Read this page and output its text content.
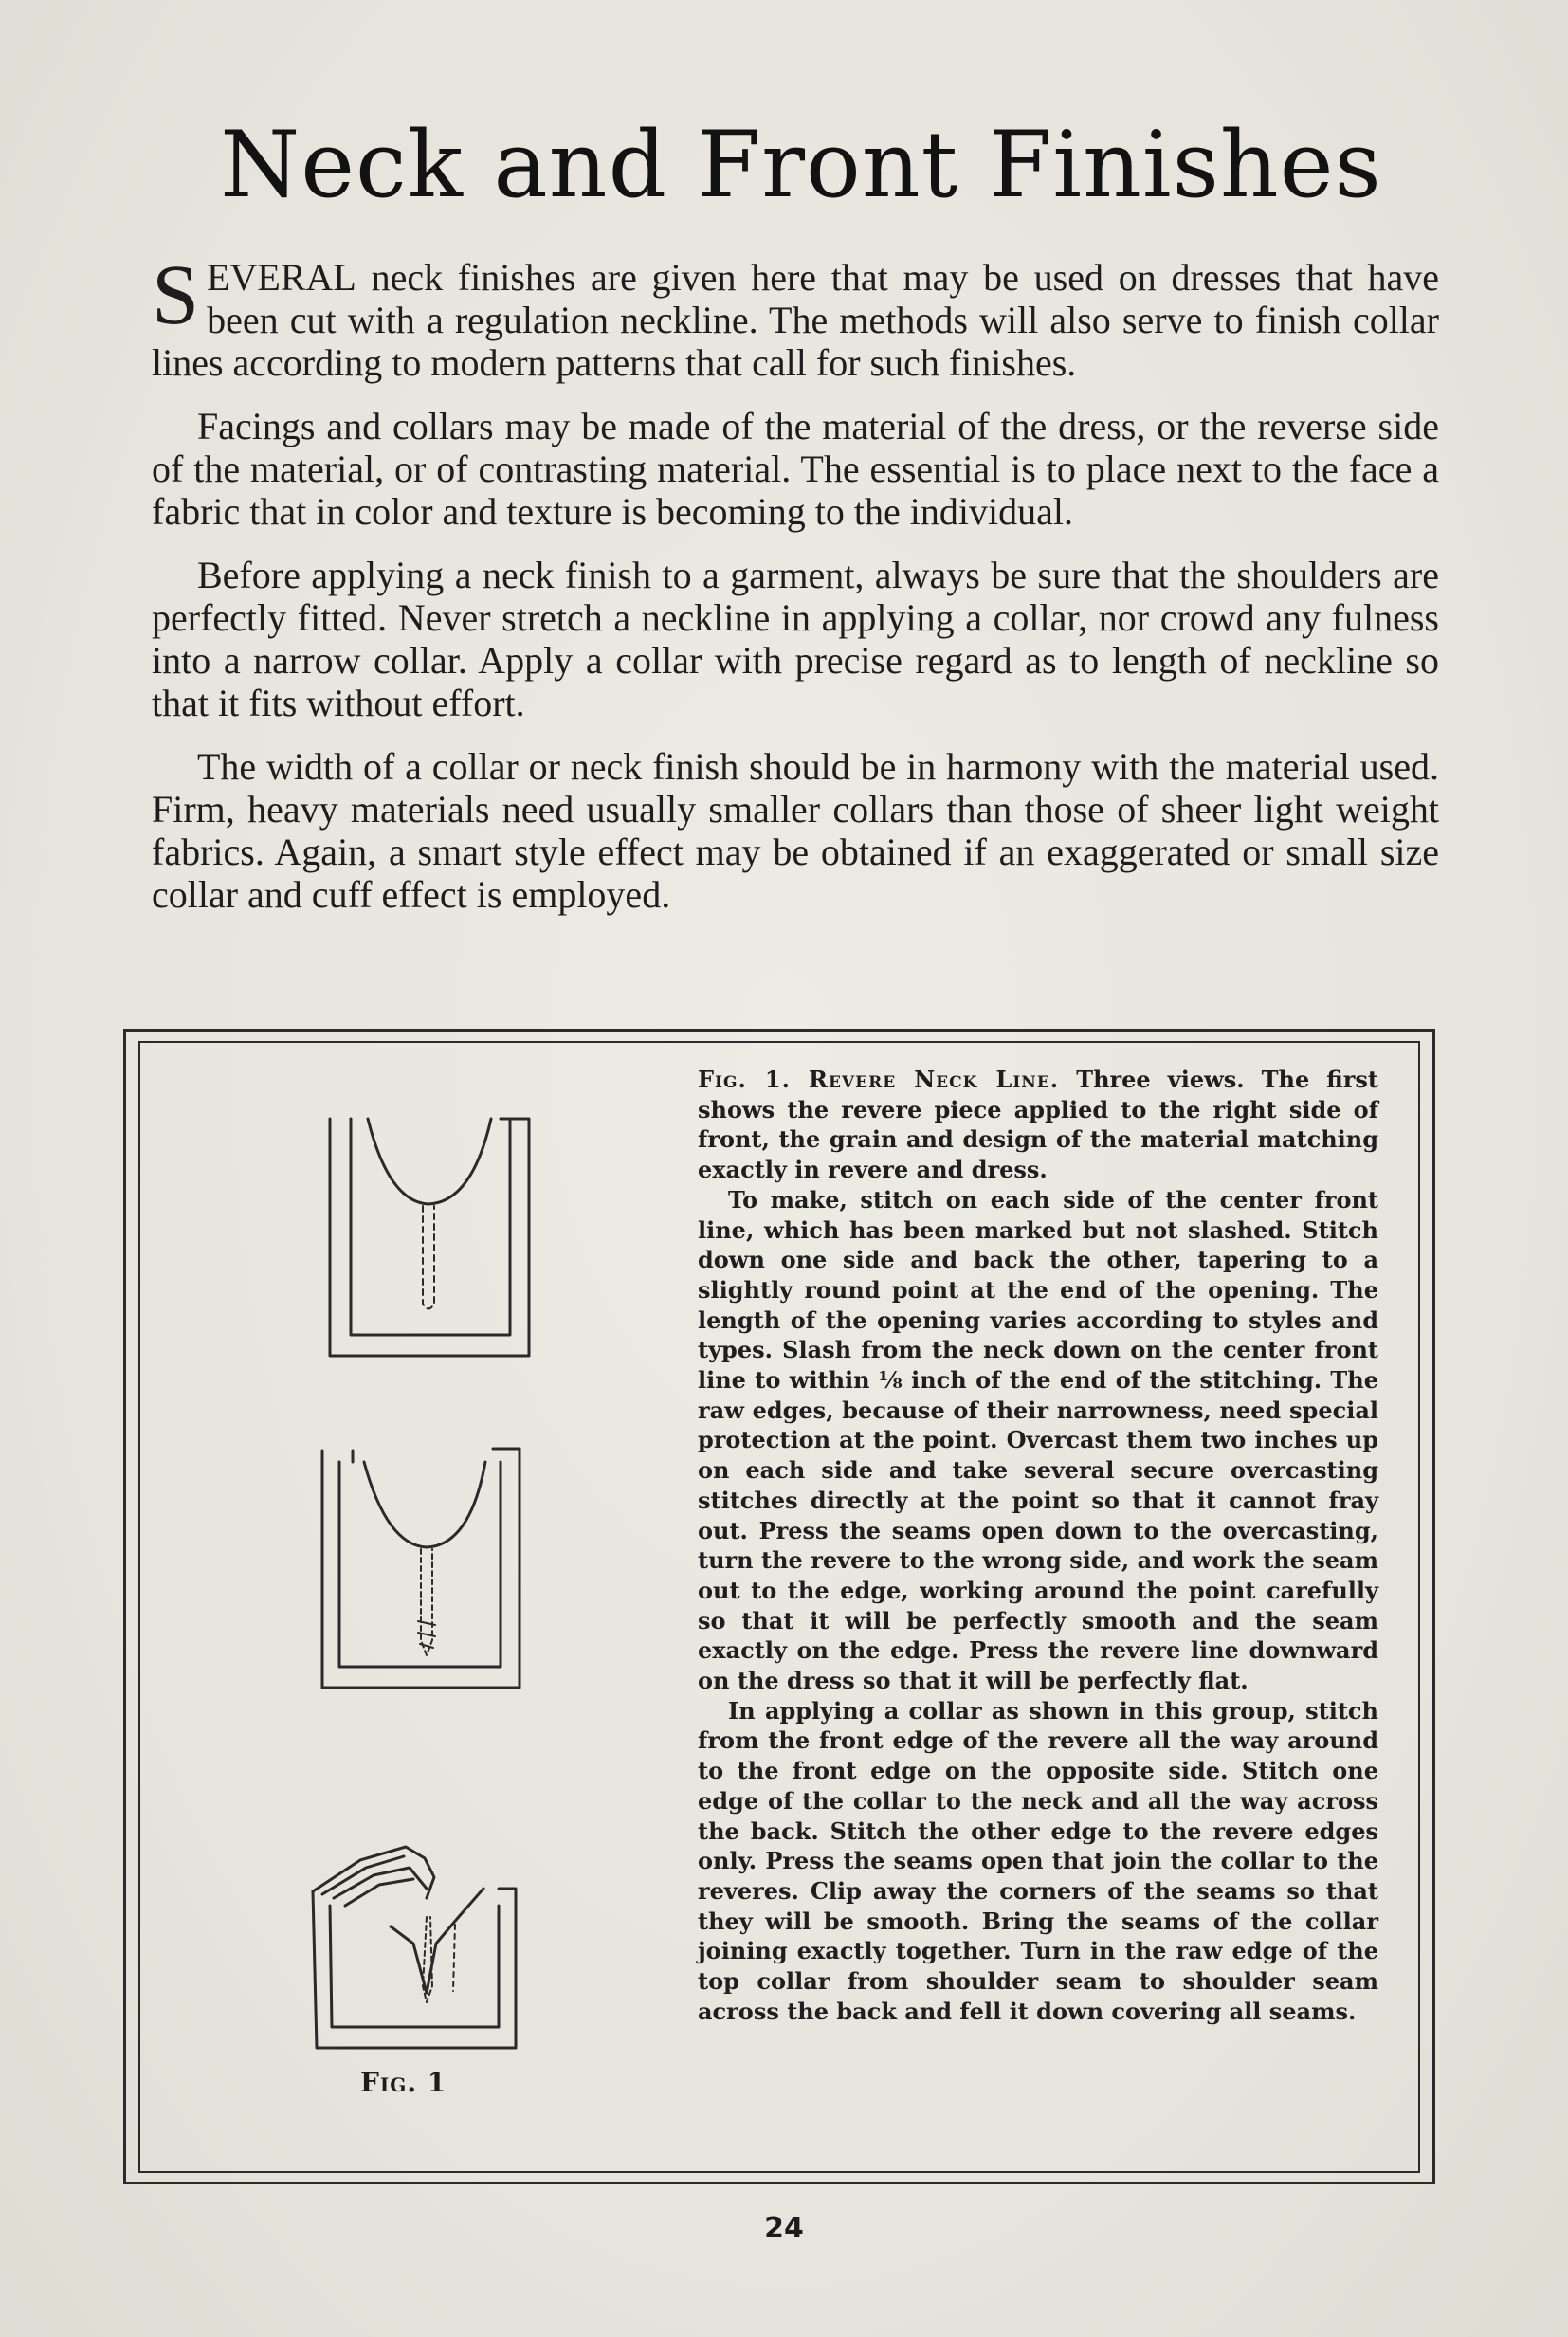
Neck and Front Finishes

SEVERAL neck finishes are given here that may be used on dresses that have been cut with a regulation neckline. The methods will also serve to finish collar lines according to modern patterns that call for such finishes.

Facings and collars may be made of the material of the dress, or the reverse side of the material, or of contrasting material. The essential is to place next to the face a fabric that in color and texture is becoming to the individual.

Before applying a neck finish to a garment, always be sure that the shoulders are perfectly fitted. Never stretch a neckline in applying a collar, nor crowd any fulness into a narrow collar. Apply a collar with precise regard as to length of neckline so that it fits without effort.

The width of a collar or neck finish should be in harmony with the material used. Firm, heavy materials need usually smaller collars than those of sheer light weight fabrics. Again, a smart style effect may be obtained if an exaggerated or small size collar and cuff effect is employed.

Fig. 1

Fig. 1. Revere Neck Line. Three views. The first shows the revere piece applied to the right side of front, the grain and design of the material matching exactly in revere and dress.

To make, stitch on each side of the center front line, which has been marked but not slashed. Stitch down one side and back the other, tapering to a slightly round point at the end of the opening. The length of the opening varies according to styles and types. Slash from the neck down on the center front line to within ⅛ inch of the end of the stitching. The raw edges, because of their narrowness, need special protection at the point. Overcast them two inches up on each side and take several secure overcasting stitches directly at the point so that it cannot fray out. Press the seams open down to the overcasting, turn the revere to the wrong side, and work the seam out to the edge, working around the point carefully so that it will be perfectly smooth and the seam exactly on the edge. Press the revere line downward on the dress so that it will be perfectly flat.

In applying a collar as shown in this group, stitch from the front edge of the revere all the way around to the front edge on the opposite side. Stitch one edge of the collar to the neck and all the way across the back. Stitch the other edge to the revere edges only. Press the seams open that join the collar to the reveres. Clip away the corners of the seams so that they will be smooth. Bring the seams of the collar joining exactly together. Turn in the raw edge of the top collar from shoulder seam to shoulder seam across the back and fell it down covering all seams.

24
